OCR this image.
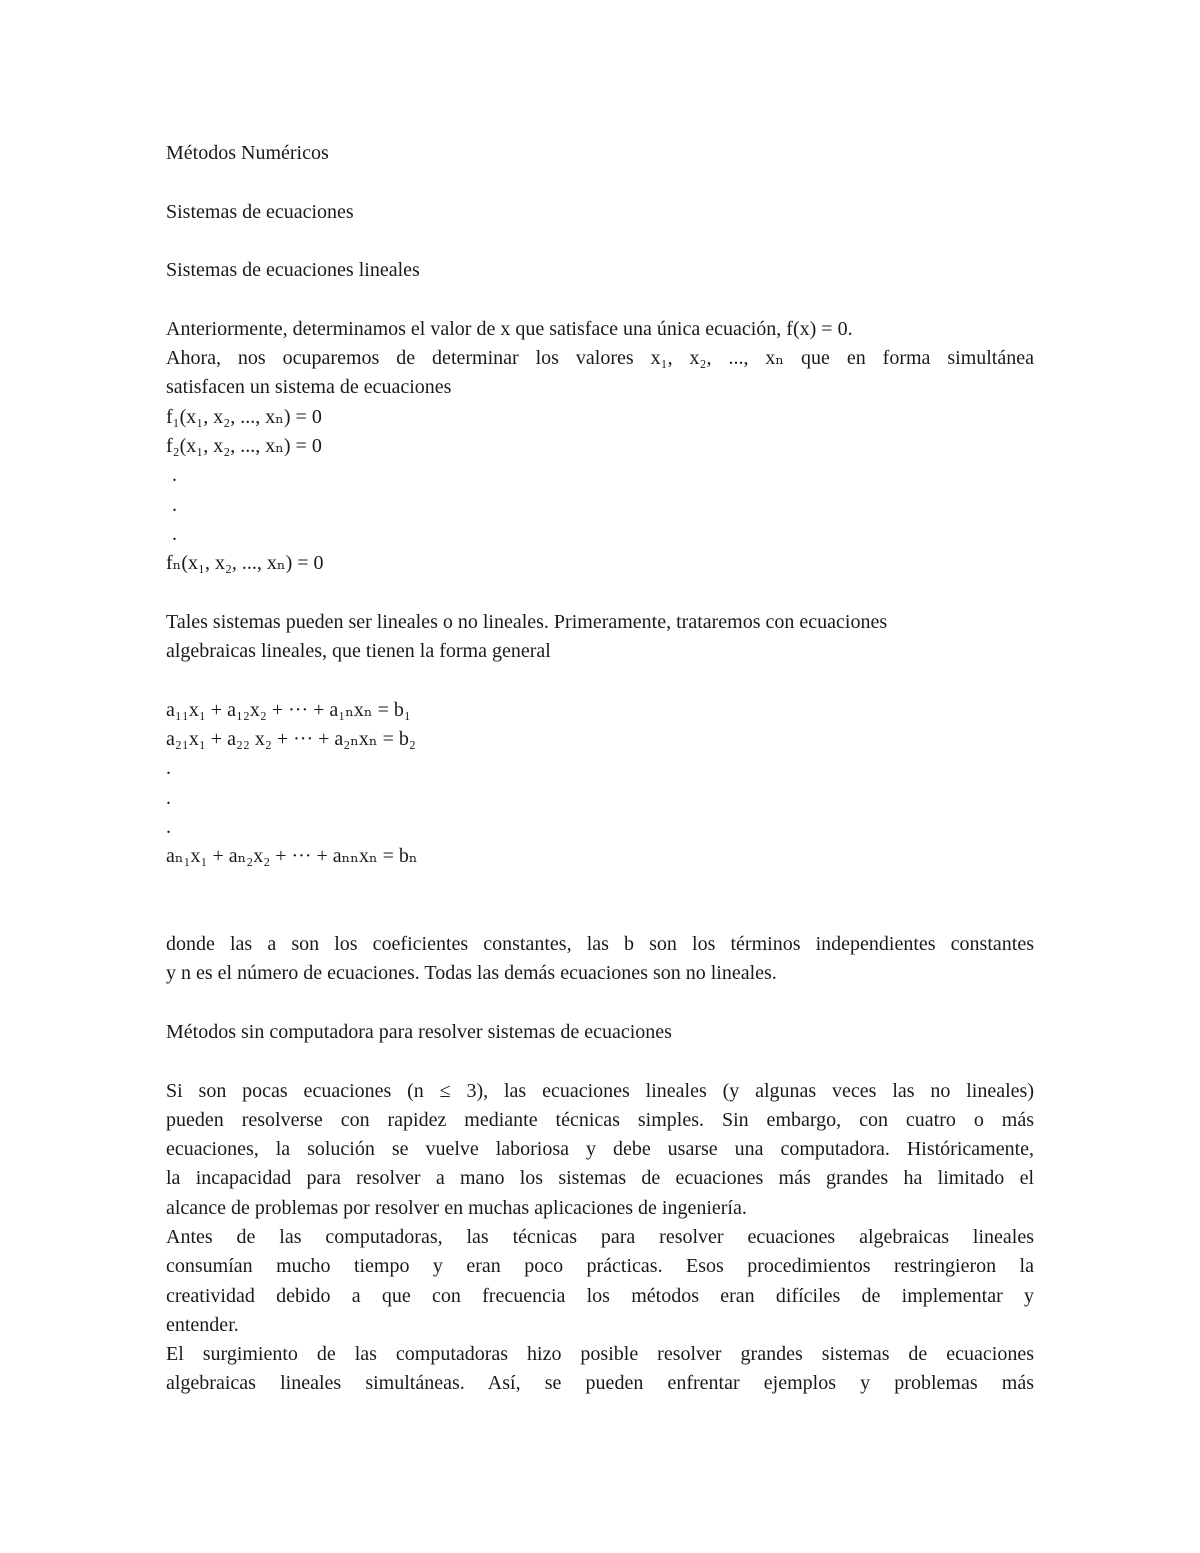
Métodos Numéricos
Sistemas de ecuaciones
Sistemas de ecuaciones lineales
Anteriormente, determinamos el valor de x que satisface una única ecuación, f(x) = 0.
Ahora, nos ocuparemos de determinar los valores x₁, x₂, ..., xₙ que en forma simultánea
satisfacen un sistema de ecuaciones
f₁(x₁, x₂, ..., xₙ) = 0
f₂(x₁, x₂, ..., xₙ) = 0
.
.
.
fₙ(x₁, x₂, ..., xₙ) = 0
Tales sistemas pueden ser lineales o no lineales. Primeramente, trataremos con ecuaciones
algebraicas lineales, que tienen la forma general
a₁₁x₁ + a₁₂x₂ + ··· + a₁ₙxₙ = b₁
a₂₁x₁ + a₂₂ x₂ + ··· + a₂ₙxₙ = b₂
.
.
.
aₙ₁x₁ + aₙ₂x₂ + ··· + aₙₙxₙ = bₙ
donde las a son los coeficientes constantes, las b son los términos independientes constantes
y n es el número de ecuaciones. Todas las demás ecuaciones son no lineales.
Métodos sin computadora para resolver sistemas de ecuaciones
Si son pocas ecuaciones (n ≤ 3), las ecuaciones lineales (y algunas veces las no lineales)
pueden resolverse con rapidez mediante técnicas simples. Sin embargo, con cuatro o más
ecuaciones, la solución se vuelve laboriosa y debe usarse una computadora. Históricamente,
la incapacidad para resolver a mano los sistemas de ecuaciones más grandes ha limitado el
alcance de problemas por resolver en muchas aplicaciones de ingeniería.
Antes de las computadoras, las técnicas para resolver ecuaciones algebraicas lineales
consumían mucho tiempo y eran poco prácticas. Esos procedimientos restringieron la
creatividad debido a que con frecuencia los métodos eran difíciles de implementar y
entender.
El surgimiento de las computadoras hizo posible resolver grandes sistemas de ecuaciones
algebraicas lineales simultáneas. Así, se pueden enfrentar ejemplos y problemas más
